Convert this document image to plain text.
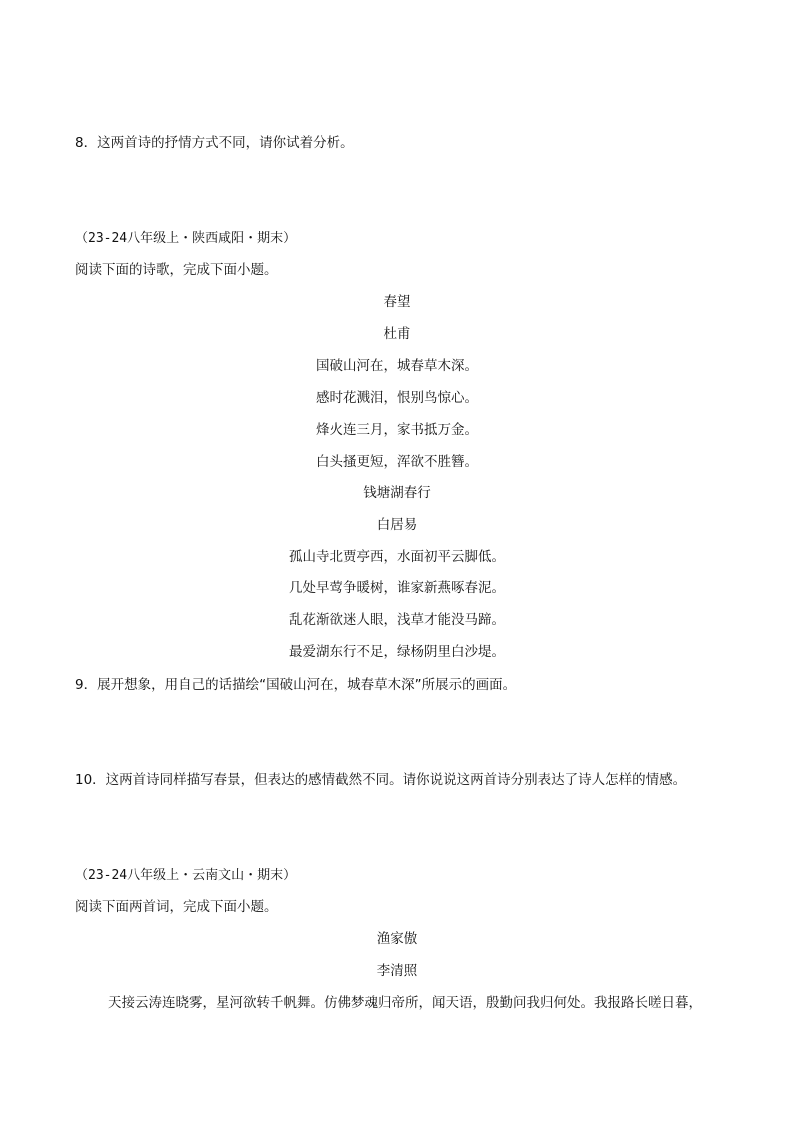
8．这两首诗的抒情方式不同，请你试着分析。
（23-24八年级上・陕西咸阳・期末）
阅读下面的诗歌，完成下面小题。
春望
杜甫
国破山河在，城春草木深。
感时花溅泪，恨别鸟惊心。
烽火连三月，家书抵万金。
白头搔更短，浑欲不胜簪。
钱塘湖春行
白居易
孤山寺北贾亭西，水面初平云脚低。
几处早莺争暖树，谁家新燕啄春泥。
乱花渐欲迷人眼，浅草才能没马蹄。
最爱湖东行不足，绿杨阴里白沙堤。
9．展开想象，用自己的话描绘“国破山河在，城春草木深”所展示的画面。
10．这两首诗同样描写春景，但表达的感情截然不同。请你说说这两首诗分别表达了诗人怎样的情感。
（23-24八年级上・云南文山・期末）
阅读下面两首词，完成下面小题。
渔家傲
李清照
天接云涛连晓雾，星河欲转千帆舞。仿佛梦魂归帝所，闻天语，殷勤问我归何处。我报路长嗟日暮，
